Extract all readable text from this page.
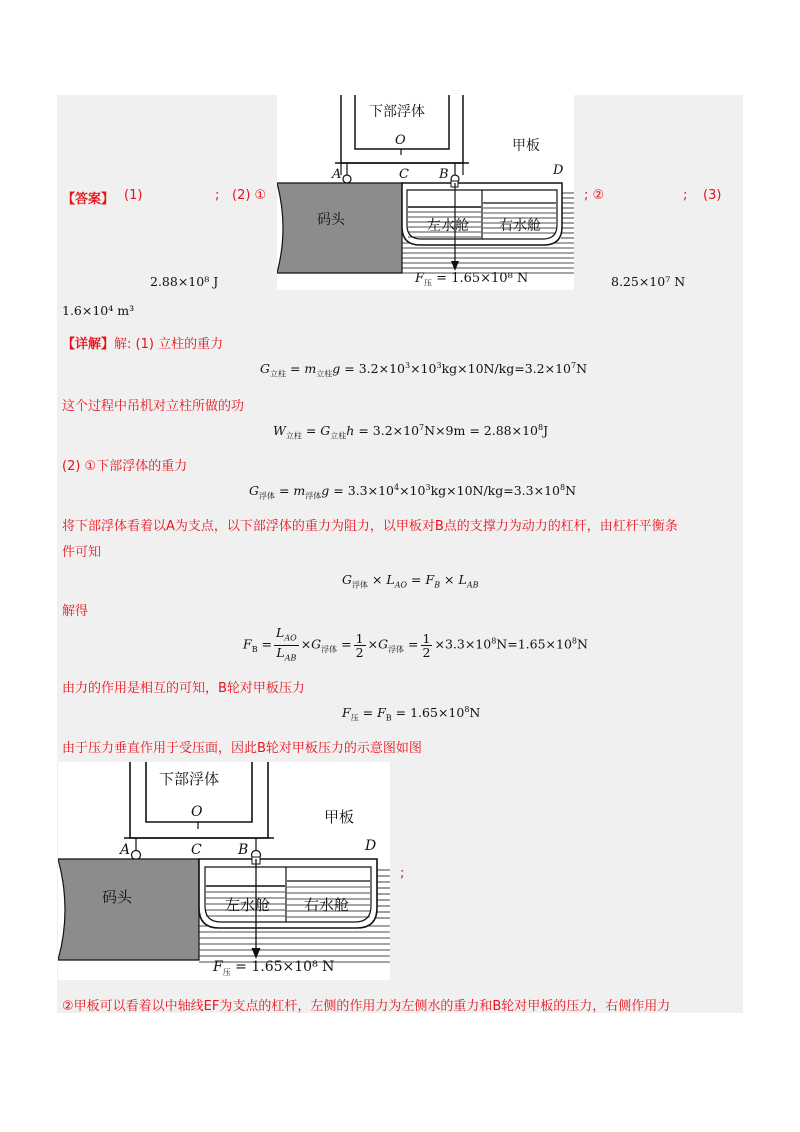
【答案】 (1)	; (2) ①	; ②	; (3)
2.88×10⁸ J	8.25×10⁷ N
1.6×10⁴ m³
下部浮体
甲板
码头	左水舱 右水舱
O
A	C B	D
$F_压 = 1.65\times 10^8$ N
【详解】解: (1) 立柱的重力
$G_{立柱} = m_{立柱}g = 3.2\times 10^3\times 10^3kg\times 10N/kg=3.2\times 10^7N$
这个过程中吊机对立柱所做的功
$W_{立柱} = G_{立柱}h = 3.2\times 10^7N\times 9m = 2.88\times 10^8J$
(2) ①下部浮体的重力
$G_{浮体} = m_{浮体}g = 3.3\times 10^4\times 10^3kg\times 10N/kg=3.3\times 10^8N$
将下部浮体看着以A为支点，以下部浮体的重力为阻力，以甲板对B点的支撑力为动力的杠杆，由杠杆平衡条
件可知
$G_{浮体} \times L_{AO} = F_B \times L_{AB}$
解得
$F_B = \frac{L_{AO}}{L_{AB}} \times G_{浮体} = \frac{1}{2} \times G_{浮体} = \frac{1}{2} \times 3.3\times 10^8N=1.65\times 10^8N$
由力的作用是相互的可知，B轮对甲板压力
$F_压 = F_B = 1.65\times 10^8N$
由于压力垂直作用于受压面，因此B轮对甲板压力的示意图如图
下部浮体
甲板
码头	左水舱 右水舱
O
A	C	B	D
$F_压 = 1.65\times 10^8$ N
;
②甲板可以看着以中轴线EF为支点的杠杆，左侧的作用力为左侧水的重力和B轮对甲板的压力，右侧作用力
